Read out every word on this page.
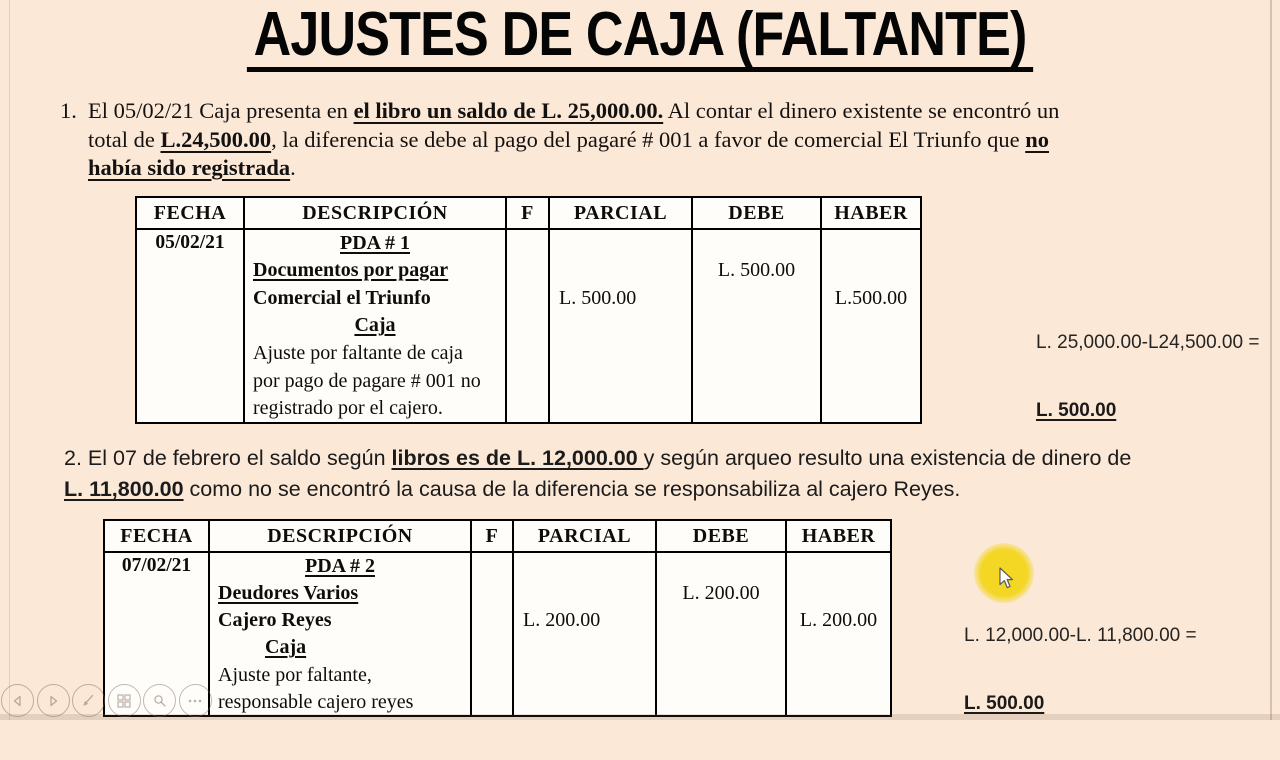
AJUSTES DE CAJA (FALTANTE)
1. El 05/02/21 Caja presenta en el libro un saldo de L. 25,000.00. Al contar el dinero existente se encontró un
total de L.24,500.00, la diferencia se debe al pago del pagaré # 001 a favor de comercial El Triunfo que no
había sido registrada.
FECHA	DESCRIPCIÓN	F	PARCIAL	DEBE	HABER
05/02/21	PDA # 1				
	Documentos por pagar			L. 500.00	
	Comercial el Triunfo		L. 500.00		L.500.00
	Caja				
	Ajuste por faltante de caja				
	por pago de pagare # 001 no				
	registrado por el cajero.				

L. 25,000.00-L24,500.00 =

L. 500.00

2. El 07 de febrero el saldo según libros es de L. 12,000.00 y según arqueo resulto una existencia de dinero de
L. 11,800.00 como no se encontró la causa de la diferencia se responsabiliza al cajero Reyes.
FECHA	DESCRIPCIÓN	F	PARCIAL	DEBE	HABER
07/02/21	PDA # 2				
	Deudores Varios			L. 200.00	
	Cajero Reyes		L. 200.00		L. 200.00
	Caja				
	Ajuste por faltante,				
	responsable cajero reyes				

L. 12,000.00-L. 11,800.00 =

L. 500.00
